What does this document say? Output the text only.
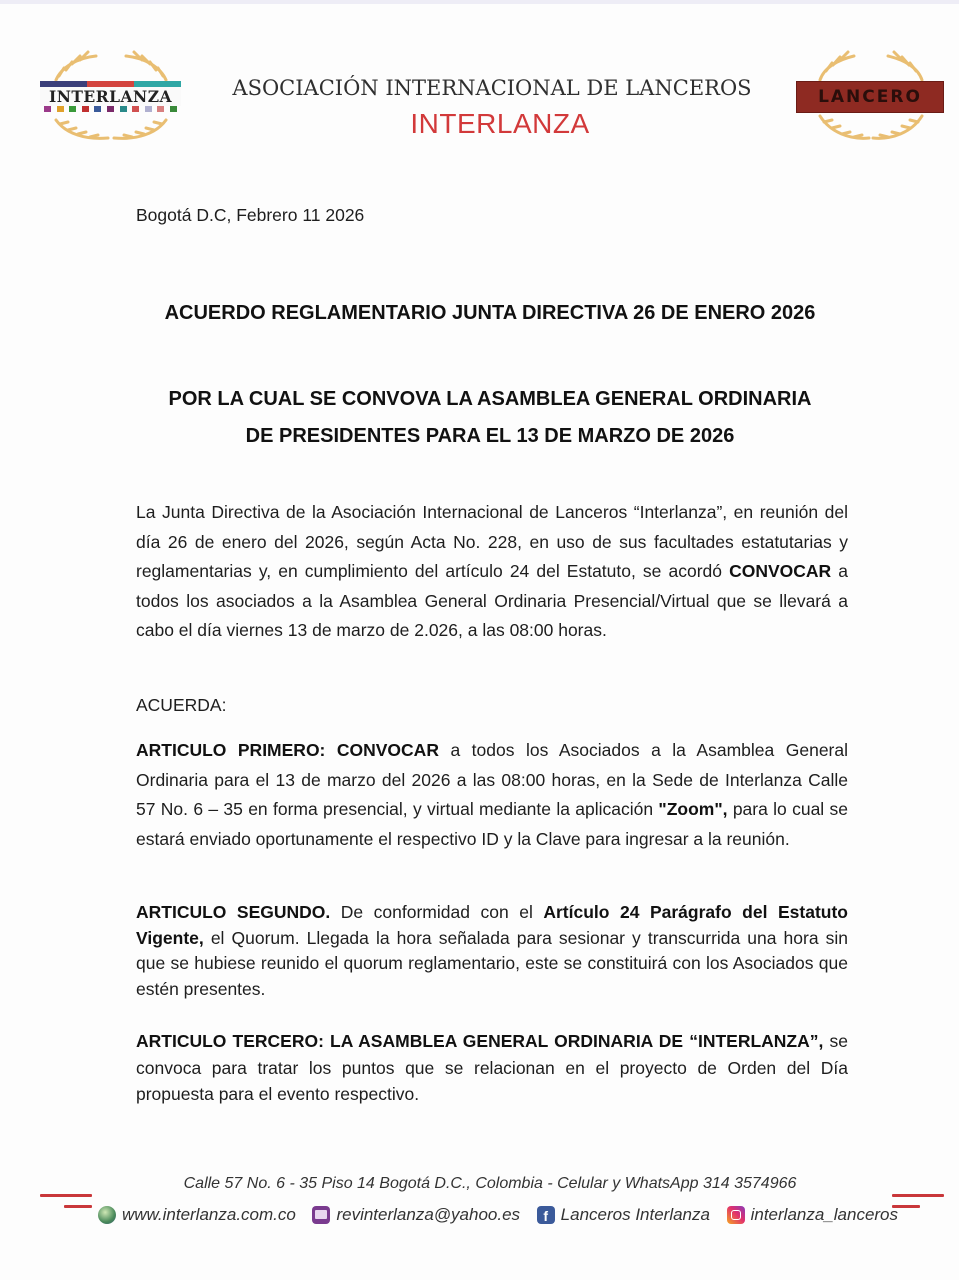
INTERLANZA	ASOCIACIÓN INTERNACIONAL DE LANCEROS
INTERLANZA
LANCERO
Bogotá D.C, Febrero 11 2026
ACUERDO REGLAMENTARIO JUNTA DIRECTIVA 26 DE ENERO 2026
POR LA CUAL SE CONVOVA LA ASAMBLEA GENERAL ORDINARIA
DE PRESIDENTES PARA EL 13 DE MARZO DE 2026

La Junta Directiva de la Asociación Internacional de Lanceros “Interlanza”, en reunión del día 26 de enero del 2026, según Acta No. 228, en uso de sus facultades estatutarias y reglamentarias y, en cumplimiento del artículo 24 del Estatuto, se acordó CONVOCAR a todos los asociados a la Asamblea General Ordinaria Presencial/Virtual que se llevará a cabo el día viernes 13 de marzo de 2.026, a las 08:00 horas.

ACUERDA:

ARTICULO PRIMERO: CONVOCAR a todos los Asociados a la Asamblea General Ordinaria para el 13 de marzo del 2026 a las 08:00 horas, en la Sede de Interlanza Calle 57 No. 6 – 35 en forma presencial, y virtual mediante la aplicación "Zoom", para lo cual se estará enviado oportunamente el respectivo ID y la Clave para ingresar a la reunión.

ARTICULO SEGUNDO. De conformidad con el Artículo 24 Parágrafo del Estatuto Vigente, el Quorum. Llegada la hora señalada para sesionar y transcurrida una hora sin que se hubiese reunido el quorum reglamentario, este se constituirá con los Asociados que estén presentes.

ARTICULO TERCERO: LA ASAMBLEA GENERAL ORDINARIA DE “INTERLANZA”, se convoca para tratar los puntos que se relacionan en el proyecto de Orden del Día propuesta para el evento respectivo.

Calle 57 No. 6 - 35 Piso 14 Bogotá D.C., Colombia - Celular y WhatsApp 314 3574966
www.interlanza.com.co revinterlanza@yahoo.es	f Lanceros Interlanza interlanza_lanceros
